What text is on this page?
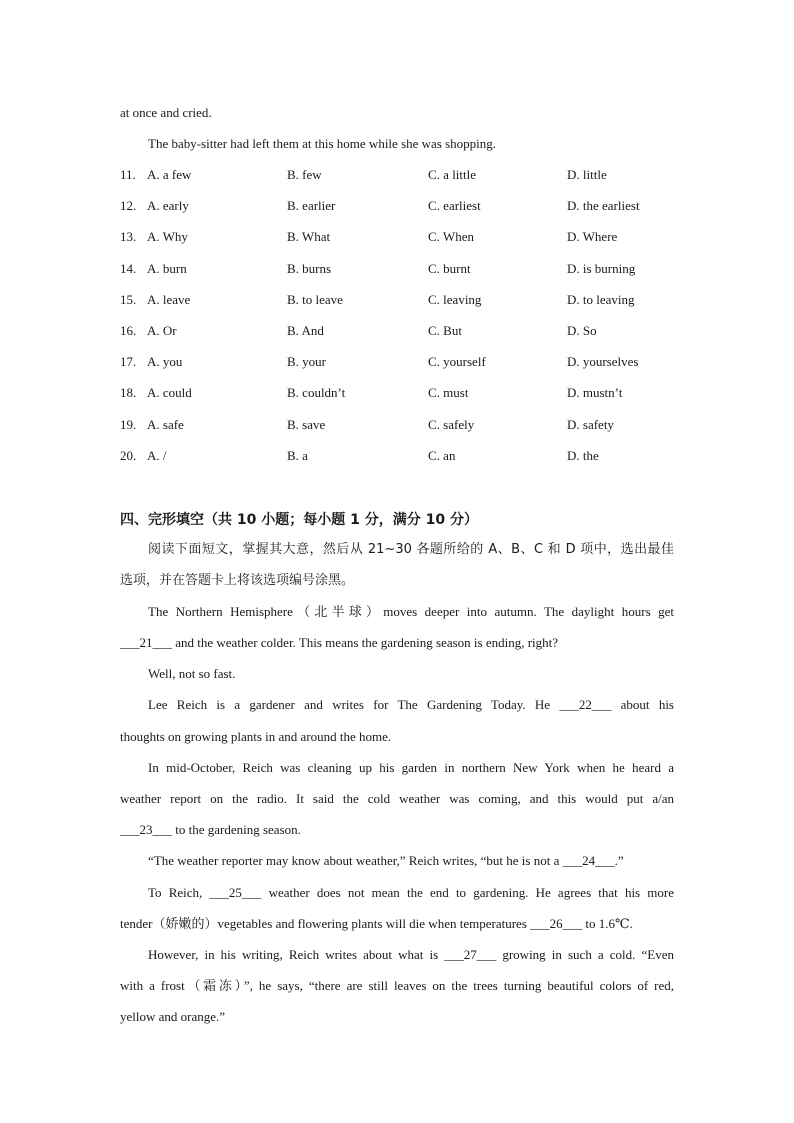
at once and cried.
The baby-sitter had left them at this home while she was shopping.
11. A. a few	B. few	C. a little	D. little
12. A. early	B. earlier	C. earliest	D. the earliest
13. A. Why	B. What	C. When	D. Where
14. A. burn	B. burns	C. burnt	D. is burning
15. A. leave	B. to leave	C. leaving	D. to leaving
16. A. Or	B. And	C. But	D. So
17. A. you	B. your	C. yourself	D. yourselves
18. A. could	B. couldn’t	C. must	D. mustn’t
19. A. safe	B. save	C. safely	D. safety
20. A. /	B. a	C. an	D. the
四、完形填空（共 10 小题；每小题 1 分，满分 10 分）
阅读下面短文，掌握其大意，然后从 21~30 各题所给的 A、B、C 和 D 项中，选出最佳
选项，并在答题卡上将该选项编号涂黑。
The Northern Hemisphere（北半球）moves deeper into autumn. The daylight hours get
___21___ and the weather colder. This means the gardening season is ending, right?
Well, not so fast.
Lee Reich is a gardener and writes for The Gardening Today. He ___22___ about his
thoughts on growing plants in and around the home.
In mid-October, Reich was cleaning up his garden in northern New York when he heard a
weather report on the radio. It said the cold weather was coming, and this would put a/an
___23___ to the gardening season.
“The weather reporter may know about weather,” Reich writes, “but he is not a ___24___.”
To Reich, ___25___ weather does not mean the end to gardening. He agrees that his more
tender（娇嫩的）vegetables and flowering plants will die when temperatures ___26___ to 1.6℃.
However, in his writing, Reich writes about what is ___27___ growing in such a cold. “Even
with a frost（霜冻）”, he says, “there are still leaves on the trees turning beautiful colors of red,
yellow and orange.”
